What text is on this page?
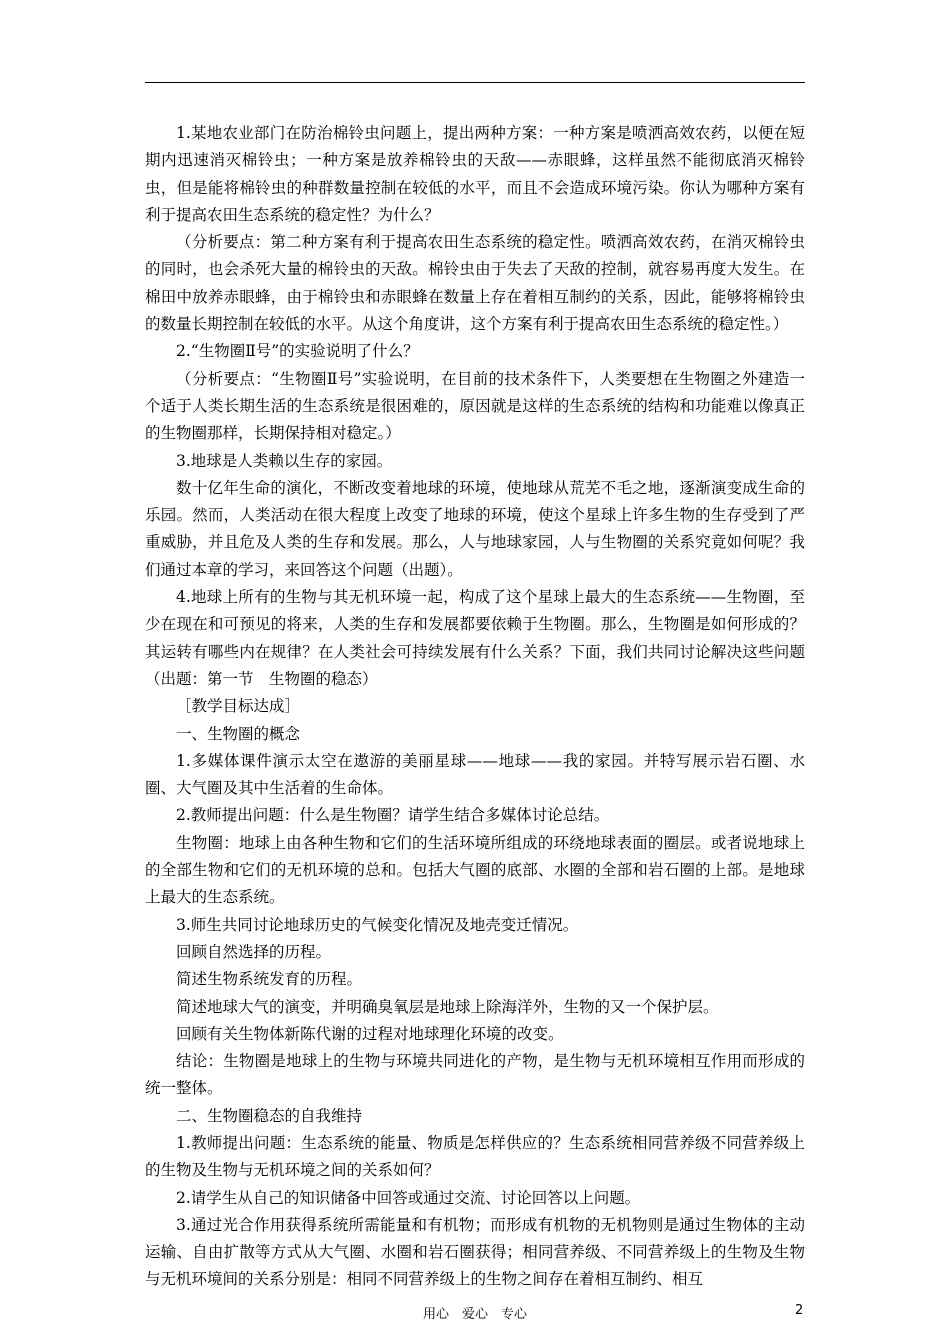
1.某地农业部门在防治棉铃虫问题上，提出两种方案：一种方案是喷洒高效农药，以便在短期内迅速消灭棉铃虫；一种方案是放养棉铃虫的天敌——赤眼蜂，这样虽然不能彻底消灭棉铃虫，但是能将棉铃虫的种群数量控制在较低的水平，而且不会造成环境污染。你认为哪种方案有利于提高农田生态系统的稳定性？为什么？

（分析要点：第二种方案有利于提高农田生态系统的稳定性。喷洒高效农药，在消灭棉铃虫的同时，也会杀死大量的棉铃虫的天敌。棉铃虫由于失去了天敌的控制，就容易再度大发生。在棉田中放养赤眼蜂，由于棉铃虫和赤眼蜂在数量上存在着相互制约的关系，因此，能够将棉铃虫的数量长期控制在较低的水平。从这个角度讲，这个方案有利于提高农田生态系统的稳定性。）

2.“生物圈Ⅱ号”的实验说明了什么？

（分析要点：“生物圈Ⅱ号”实验说明，在目前的技术条件下，人类要想在生物圈之外建造一个适于人类长期生活的生态系统是很困难的，原因就是这样的生态系统的结构和功能难以像真正的生物圈那样，长期保持相对稳定。）

3.地球是人类赖以生存的家园。

数十亿年生命的演化，不断改变着地球的环境，使地球从荒芜不毛之地，逐渐演变成生命的乐园。然而，人类活动在很大程度上改变了地球的环境，使这个星球上许多生物的生存受到了严重威胁，并且危及人类的生存和发展。那么，人与地球家园，人与生物圈的关系究竟如何呢？我们通过本章的学习，来回答这个问题（出题）。

4.地球上所有的生物与其无机环境一起，构成了这个星球上最大的生态系统——生物圈，至少在现在和可预见的将来，人类的生存和发展都要依赖于生物圈。那么，生物圈是如何形成的？其运转有哪些内在规律？在人类社会可持续发展有什么关系？下面，我们共同讨论解决这些问题（出题：第一节　生物圈的稳态）

［教学目标达成］

一、生物圈的概念

1.多媒体课件演示太空在遨游的美丽星球——地球——我的家园。并特写展示岩石圈、水圈、大气圈及其中生活着的生命体。

2.教师提出问题：什么是生物圈？请学生结合多媒体讨论总结。

生物圈：地球上由各种生物和它们的生活环境所组成的环绕地球表面的圈层。或者说地球上的全部生物和它们的无机环境的总和。包括大气圈的底部、水圈的全部和岩石圈的上部。是地球上最大的生态系统。

3.师生共同讨论地球历史的气候变化情况及地壳变迁情况。

回顾自然选择的历程。

简述生物系统发育的历程。

简述地球大气的演变，并明确臭氧层是地球上除海洋外，生物的又一个保护层。

回顾有关生物体新陈代谢的过程对地球理化环境的改变。

结论：生物圈是地球上的生物与环境共同进化的产物，是生物与无机环境相互作用而形成的统一整体。

二、生物圈稳态的自我维持

1.教师提出问题：生态系统的能量、物质是怎样供应的？生态系统相同营养级不同营养级上的生物及生物与无机环境之间的关系如何？

2.请学生从自己的知识储备中回答或通过交流、讨论回答以上问题。

3.通过光合作用获得系统所需能量和有机物；而形成有机物的无机物则是通过生物体的主动运输、自由扩散等方式从大气圈、水圈和岩石圈获得；相同营养级、不同营养级上的生物及生物与无机环境间的关系分别是：相同不同营养级上的生物之间存在着相互制约、相互

用心　爱心　专心	2
